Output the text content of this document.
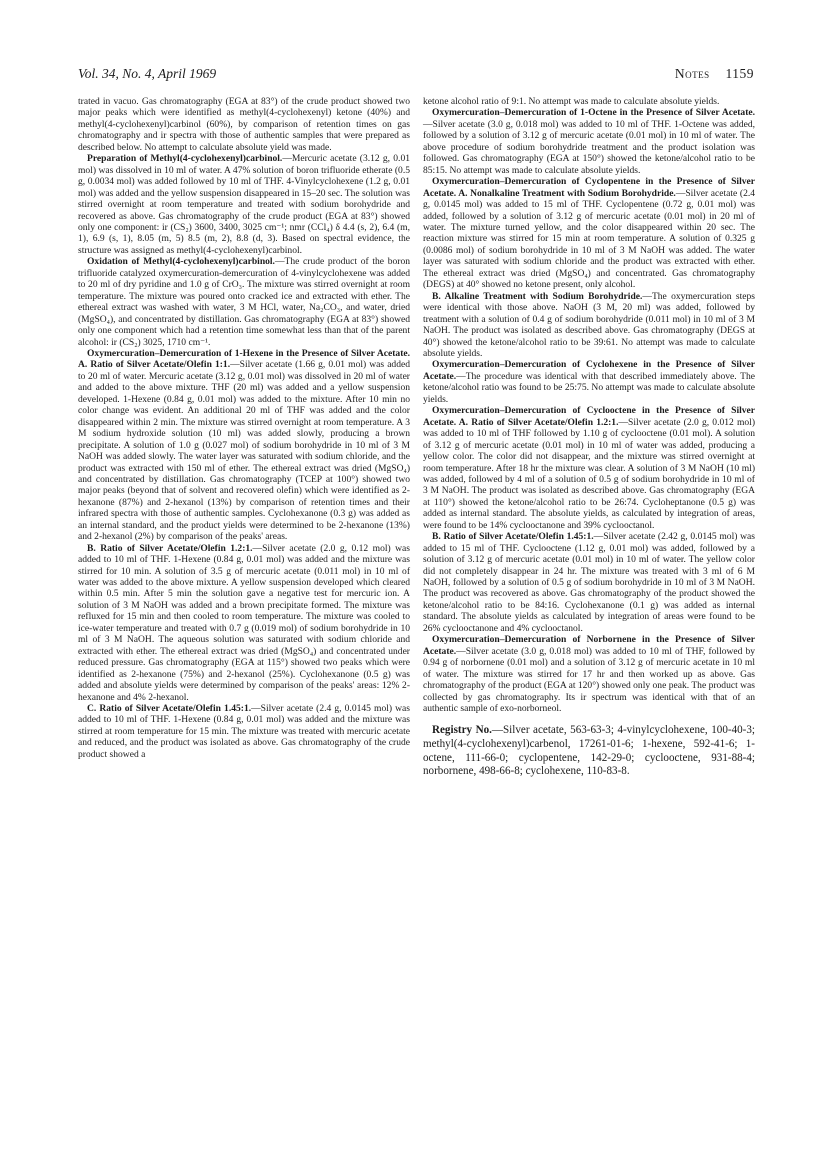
Vol. 34, No. 4, April 1969	Notes 1159

trated in vacuo. Gas chromatography (EGA at 83°) of the crude product showed two major peaks which were identified as methyl(4-cyclohexenyl) ketone (40%) and methyl(4-cyclohexenyl)carbinol (60%), by comparison of retention times on gas chromatography and ir spectra with those of authentic samples that were prepared as described below. No attempt to calculate absolute yield was made.

Preparation of Methyl(4-cyclohexenyl)carbinol.—Mercuric acetate (3.12 g, 0.01 mol) was dissolved in 10 ml of water. A 47% solution of boron trifluoride etherate (0.5 g, 0.0034 mol) was added followed by 10 ml of THF. 4-Vinylcyclohexene (1.2 g, 0.01 mol) was added and the yellow suspension disappeared in 15–20 sec. The solution was stirred overnight at room temperature and treated with sodium borohydride and recovered as above. Gas chromatography of the crude product (EGA at 83°) showed only one component: ir (CS₂) 3600, 3400, 3025 cm⁻¹; nmr (CCl₄) δ 4.4 (s, 2), 6.4 (m, 1), 6.9 (s, 1), 8.05 (m, 5) 8.5 (m, 2), 8.8 (d, 3). Based on spectral evidence, the structure was assigned as methyl(4-cyclohexenyl)carbinol.

Oxidation of Methyl(4-cyclohexenyl)carbinol.—The crude product of the boron trifluoride catalyzed oxymercuration-demercuration of 4-vinylcyclohexene was added to 20 ml of dry pyridine and 1.0 g of CrO₃. The mixture was stirred overnight at room temperature. The mixture was poured onto cracked ice and extracted with ether. The ethereal extract was washed with water, 3 M HCl, water, Na₂CO₃, and water, dried (MgSO₄), and concentrated by distillation. Gas chromatography (EGA at 83°) showed only one component which had a retention time somewhat less than that of the parent alcohol: ir (CS₂) 3025, 1710 cm⁻¹.

Oxymercuration–Demercuration of 1-Hexene in the Presence of Silver Acetate. A. Ratio of Silver Acetate/Olefin 1:1.—Silver acetate (1.66 g, 0.01 mol) was added to 20 ml of water. Mercuric acetate (3.12 g, 0.01 mol) was dissolved in 20 ml of water and added to the above mixture. THF (20 ml) was added and a yellow suspension developed. 1-Hexene (0.84 g, 0.01 mol) was added to the mixture. After 10 min no color change was evident. An additional 20 ml of THF was added and the color disappeared within 2 min. The mixture was stirred overnight at room temperature. A 3 M sodium hydroxide solution (10 ml) was added slowly, producing a brown precipitate. A solution of 1.0 g (0.027 mol) of sodium borohydride in 10 ml of 3 M NaOH was added slowly. The water layer was saturated with sodium chloride, and the product was extracted with 150 ml of ether. The ethereal extract was dried (MgSO₄) and concentrated by distillation. Gas chromatography (TCEP at 100°) showed two major peaks (beyond that of solvent and recovered olefin) which were identified as 2-hexanone (87%) and 2-hexanol (13%) by comparison of retention times and their infrared spectra with those of authentic samples. Cyclohexanone (0.3 g) was added as an internal standard, and the product yields were determined to be 2-hexanone (13%) and 2-hexanol (2%) by comparison of the peaks' areas.

B. Ratio of Silver Acetate/Olefin 1.2:1.—Silver acetate (2.0 g, 0.12 mol) was added to 10 ml of THF. 1-Hexene (0.84 g, 0.01 mol) was added and the mixture was stirred for 10 min. A solution of 3.5 g of mercuric acetate (0.011 mol) in 10 ml of water was added to the above mixture. A yellow suspension developed which cleared within 0.5 min. After 5 min the solution gave a negative test for mercuric ion. A solution of 3 M NaOH was added and a brown precipitate formed. The mixture was refluxed for 15 min and then cooled to room temperature. The mixture was cooled to ice-water temperature and treated with 0.7 g (0.019 mol) of sodium borohydride in 10 ml of 3 M NaOH. The aqueous solution was saturated with sodium chloride and extracted with ether. The ethereal extract was dried (MgSO₄) and concentrated under reduced pressure. Gas chromatography (EGA at 115°) showed two peaks which were identified as 2-hexanone (75%) and 2-hexanol (25%). Cyclohexanone (0.5 g) was added and absolute yields were determined by comparison of the peaks' areas: 12% 2-hexanone and 4% 2-hexanol.

C. Ratio of Silver Acetate/Olefin 1.45:1.—Silver acetate (2.4 g, 0.0145 mol) was added to 10 ml of THF. 1-Hexene (0.84 g, 0.01 mol) was added and the mixture was stirred at room temperature for 15 min. The mixture was treated with mercuric acetate and reduced, and the product was isolated as above. Gas chromatography of the crude product showed a

ketone alcohol ratio of 9:1. No attempt was made to calculate absolute yields.

Oxymercuration–Demercuration of 1-Octene in the Presence of Silver Acetate.—Silver acetate (3.0 g, 0.018 mol) was added to 10 ml of THF. 1-Octene was added, followed by a solution of 3.12 g of mercuric acetate (0.01 mol) in 10 ml of water. The above procedure of sodium borohydride treatment and the product isolation was followed. Gas chromatography (EGA at 150°) showed the ketone/alcohol ratio to be 85:15. No attempt was made to calculate absolute yields.

Oxymercuration–Demercuration of Cyclopentene in the Presence of Silver Acetate. A. Nonalkaline Treatment with Sodium Borohydride.—Silver acetate (2.4 g, 0.0145 mol) was added to 15 ml of THF. Cyclopentene (0.72 g, 0.01 mol) was added, followed by a solution of 3.12 g of mercuric acetate (0.01 mol) in 20 ml of water. The mixture turned yellow, and the color disappeared within 20 sec. The reaction mixture was stirred for 15 min at room temperature. A solution of 0.325 g (0.0086 mol) of sodium borohydride in 10 ml of 3 M NaOH was added. The water layer was saturated with sodium chloride and the product was extracted with ether. The ethereal extract was dried (MgSO₄) and concentrated. Gas chromatography (DEGS) at 40° showed no ketone present, only alcohol.

B. Alkaline Treatment with Sodium Borohydride.—The oxymercuration steps were identical with those above. NaOH (3 M, 20 ml) was added, followed by treatment with a solution of 0.4 g of sodium borohydride (0.011 mol) in 10 ml of 3 M NaOH. The product was isolated as described above. Gas chromatography (DEGS at 40°) showed the ketone/alcohol ratio to be 39:61. No attempt was made to calculate absolute yields.

Oxymercuration–Demercuration of Cyclohexene in the Presence of Silver Acetate.—The procedure was identical with that described immediately above. The ketone/alcohol ratio was found to be 25:75. No attempt was made to calculate absolute yields.

Oxymercuration–Demercuration of Cyclooctene in the Presence of Silver Acetate. A. Ratio of Silver Acetate/Olefin 1.2:1.—Silver acetate (2.0 g, 0.012 mol) was added to 10 ml of THF followed by 1.10 g of cyclooctene (0.01 mol). A solution of 3.12 g of mercuric acetate (0.01 mol) in 10 ml of water was added, producing a yellow color. The color did not disappear, and the mixture was stirred overnight at room temperature. After 18 hr the mixture was clear. A solution of 3 M NaOH (10 ml) was added, followed by 4 ml of a solution of 0.5 g of sodium borohydride in 10 ml of 3 M NaOH. The product was isolated as described above. Gas chromatography (EGA at 110°) showed the ketone/alcohol ratio to be 26:74. Cycloheptanone (0.5 g) was added as internal standard. The absolute yields, as calculated by integration of areas, were found to be 14% cyclooctanone and 39% cyclooctanol.

B. Ratio of Silver Acetate/Olefin 1.45:1.—Silver acetate (2.42 g, 0.0145 mol) was added to 15 ml of THF. Cyclooctene (1.12 g, 0.01 mol) was added, followed by a solution of 3.12 g of mercuric acetate (0.01 mol) in 10 ml of water. The yellow color did not completely disappear in 24 hr. The mixture was treated with 3 ml of 6 M NaOH, followed by a solution of 0.5 g of sodium borohydride in 10 ml of 3 M NaOH. The product was recovered as above. Gas chromatography of the product showed the ketone/alcohol ratio to be 84:16. Cyclohexanone (0.1 g) was added as internal standard. The absolute yields as calculated by integration of areas were found to be 26% cyclooctanone and 4% cyclooctanol.

Oxymercuration–Demercuration of Norbornene in the Presence of Silver Acetate.—Silver acetate (3.0 g, 0.018 mol) was added to 10 ml of THF, followed by 0.94 g of norbornene (0.01 mol) and a solution of 3.12 g of mercuric acetate in 10 ml of water. The mixture was stirred for 17 hr and then worked up as above. Gas chromatography of the product (EGA at 120°) showed only one peak. The product was collected by gas chromatography. Its ir spectrum was identical with that of an authentic sample of exo-norborneol.

Registry No.—Silver acetate, 563-63-3; 4-vinylcyclohexene, 100-40-3; methyl(4-cyclohexenyl)carbenol, 17261-01-6; 1-hexene, 592-41-6; 1-octene, 111-66-0; cyclopentene, 142-29-0; cyclooctene, 931-88-4; norbornene, 498-66-8; cyclohexene, 110-83-8.
